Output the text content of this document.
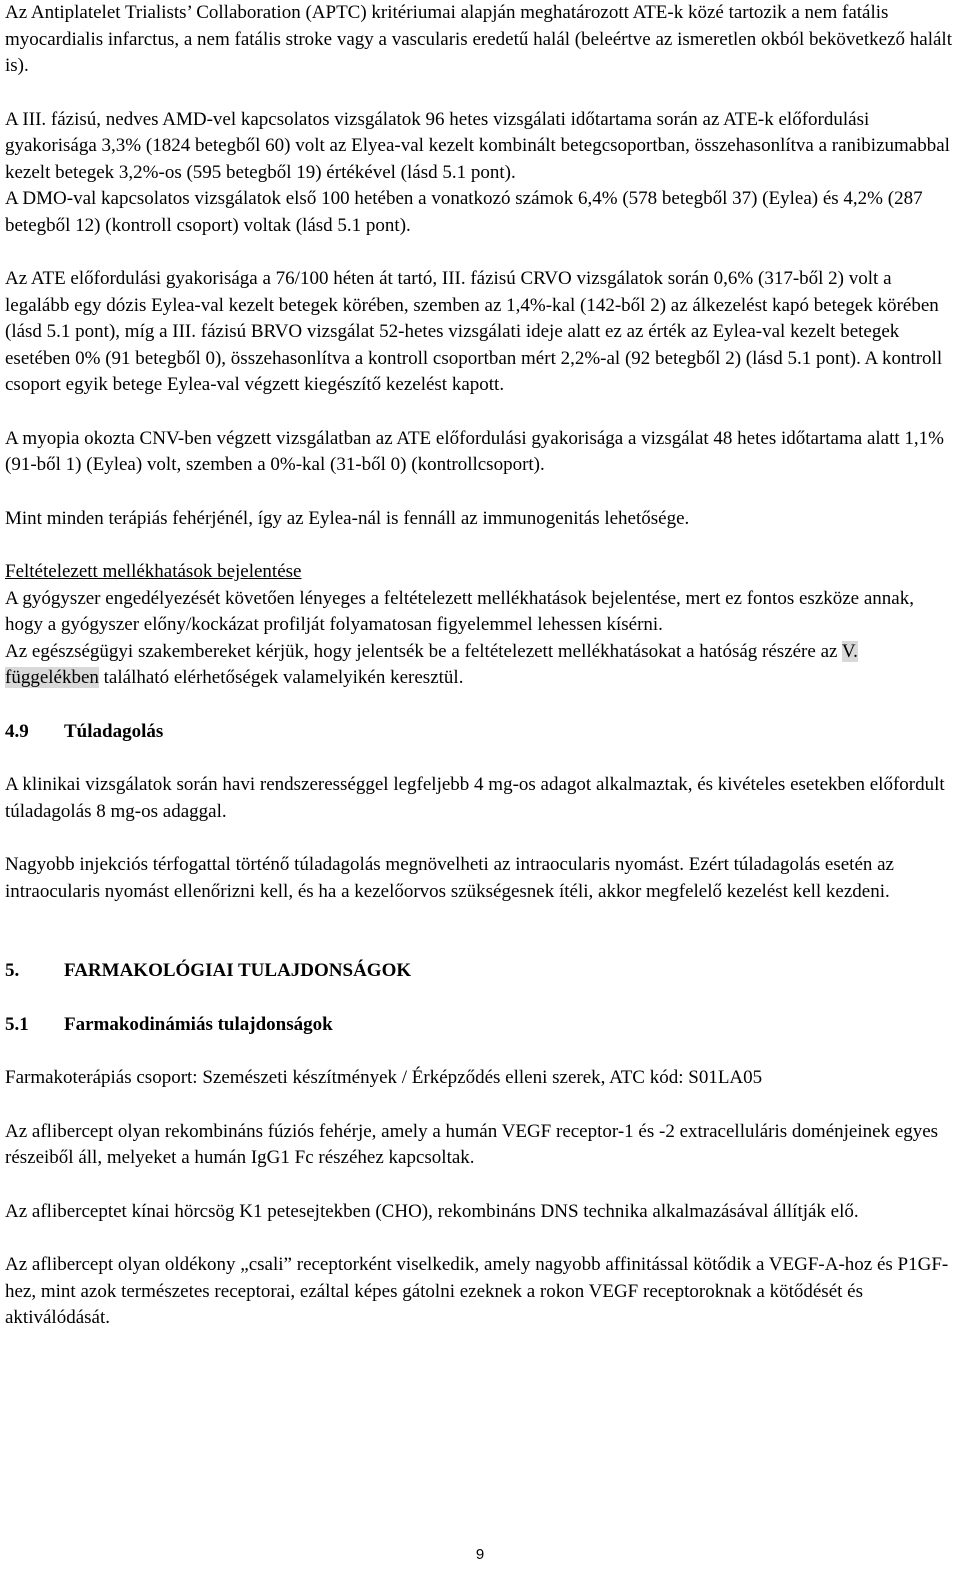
Az Antiplatelet Trialists’ Collaboration (APTC) kritériumai alapján meghatározott ATE-k közé tartozik a nem fatális myocardialis infarctus, a nem fatális stroke vagy a vascularis eredetű halál (beleértve az ismeretlen okból bekövetkező halált is).

A III. fázisú, nedves AMD-vel kapcsolatos vizsgálatok 96 hetes vizsgálati időtartama során az ATE-k előfordulási gyakorisága 3,3% (1824 betegből 60) volt az Elyea-val kezelt kombinált betegcsoportban, összehasonlítva a ranibizumabbal kezelt betegek 3,2%-os (595 betegből 19) értékével (lásd 5.1 pont).

A DMO-val kapcsolatos vizsgálatok első 100 hetében a vonatkozó számok 6,4% (578 betegből 37) (Eylea) és 4,2% (287 betegből 12) (kontroll csoport) voltak (lásd 5.1 pont).

Az ATE előfordulási gyakorisága a 76/100 héten át tartó, III. fázisú CRVO vizsgálatok során 0,6% (317-ből 2) volt a legalább egy dózis Eylea-val kezelt betegek körében, szemben az 1,4%-kal (142-ből 2) az álkezelést kapó betegek körében (lásd 5.1 pont), míg a III. fázisú BRVO vizsgálat 52-hetes vizsgálati ideje alatt ez az érték az Eylea-val kezelt betegek esetében 0% (91 betegből 0), összehasonlítva a kontroll csoportban mért 2,2%-al (92 betegből 2) (lásd 5.1 pont). A kontroll csoport egyik betege Eylea-val végzett kiegészítő kezelést kapott.

A myopia okozta CNV-ben végzett vizsgálatban az ATE előfordulási gyakorisága a vizsgálat 48 hetes időtartama alatt 1,1% (91-ből 1) (Eylea) volt, szemben a 0%-kal (31-ből 0) (kontrollcsoport).

Mint minden terápiás fehérjénél, így az Eylea-nál is fennáll az immunogenitás lehetősége.

Feltételezett mellékhatások bejelentése

A gyógyszer engedélyezését követően lényeges a feltételezett mellékhatások bejelentése, mert ez fontos eszköze annak, hogy a gyógyszer előny/kockázat profilját folyamatosan figyelemmel lehessen kísérni.

Az egészségügyi szakembereket kérjük, hogy jelentsék be a feltételezett mellékhatásokat a hatóság részére az V. függelékben található elérhetőségek valamelyikén keresztül.

4.9	Túladagolás

A klinikai vizsgálatok során havi rendszerességgel legfeljebb 4 mg-os adagot alkalmaztak, és kivételes esetekben előfordult túladagolás 8 mg-os adaggal.

Nagyobb injekciós térfogattal történő túladagolás megnövelheti az intraocularis nyomást. Ezért túladagolás esetén az intraocularis nyomást ellenőrizni kell, és ha a kezelőorvos szükségesnek ítéli, akkor megfelelő kezelést kell kezdeni.

5.	FARMAKOLÓGIAI TULAJDONSÁGOK

5.1	Farmakodinámiás tulajdonságok

Farmakoterápiás csoport: Szemészeti készítmények / Érképződés elleni szerek, ATC kód: S01LA05

Az aflibercept olyan rekombináns fúziós fehérje, amely a humán VEGF receptor-1 és -2 extracelluláris doménjeinek egyes részeiből áll, melyeket a humán IgG1 Fc részéhez kapcsoltak.

Az afliberceptet kínai hörcsög K1 petesejtekben (CHO), rekombináns DNS technika alkalmazásával állítják elő.

Az aflibercept olyan oldékony „csali” receptorként viselkedik, amely nagyobb affinitással kötődik a VEGF-A-hoz és P1GF-hez, mint azok természetes receptorai, ezáltal képes gátolni ezeknek a rokon VEGF receptoroknak a kötődését és aktiválódását.

9
